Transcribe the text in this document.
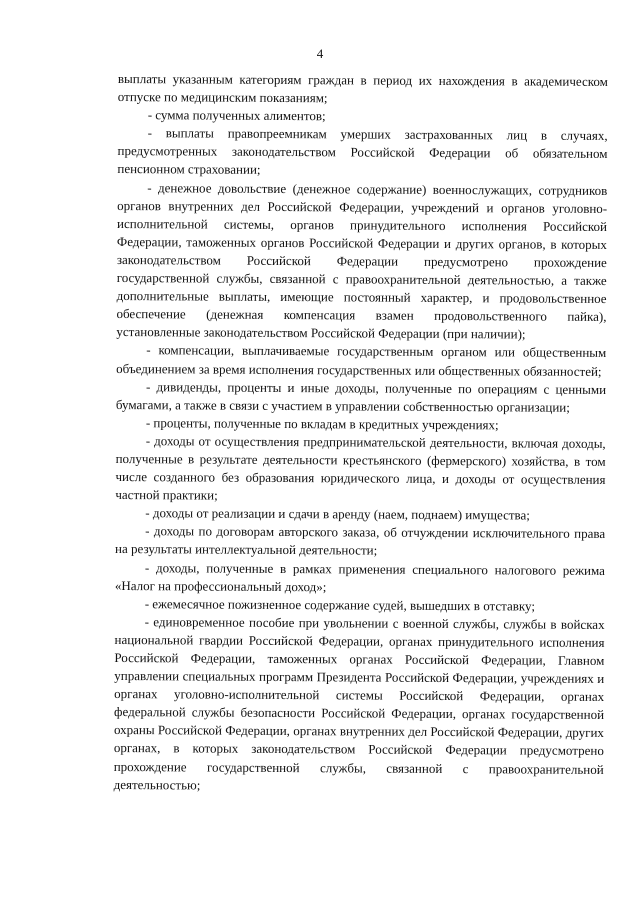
4

выплаты указанным категориям граждан в период их нахождения в академическом отпуске по медицинским показаниям;

- сумма полученных алиментов;

- выплаты правопреемникам умерших застрахованных лиц в случаях, предусмотренных законодательством Российской Федерации об обязательном пенсионном страховании;

- денежное довольствие (денежное содержание) военнослужащих, сотрудников органов внутренних дел Российской Федерации, учреждений и органов уголовно-исполнительной системы, органов принудительного исполнения Российской Федерации, таможенных органов Российской Федерации и других органов, в которых законодательством Российской Федерации предусмотрено прохождение государственной службы, связанной с правоохранительной деятельностью, а также дополнительные выплаты, имеющие постоянный характер, и продовольственное обеспечение (денежная компенсация взамен продовольственного пайка), установленные законодательством Российской Федерации (при наличии);

- компенсации, выплачиваемые государственным органом или общественным объединением за время исполнения государственных или общественных обязанностей;

- дивиденды, проценты и иные доходы, полученные по операциям с ценными бумагами, а также в связи с участием в управлении собственностью организации;

- проценты, полученные по вкладам в кредитных учреждениях;

- доходы от осуществления предпринимательской деятельности, включая доходы, полученные в результате деятельности крестьянского (фермерского) хозяйства, в том числе созданного без образования юридического лица, и доходы от осуществления частной практики;

- доходы от реализации и сдачи в аренду (наем, поднаем) имущества;

- доходы по договорам авторского заказа, об отчуждении исключительного права на результаты интеллектуальной деятельности;

- доходы, полученные в рамках применения специального налогового режима «Налог на профессиональный доход»;

- ежемесячное пожизненное содержание судей, вышедших в отставку;

- единовременное пособие при увольнении с военной службы, службы в войсках национальной гвардии Российской Федерации, органах принудительного исполнения Российской Федерации, таможенных органах Российской Федерации, Главном управлении специальных программ Президента Российской Федерации, учреждениях и органах уголовно-исполнительной системы Российской Федерации, органах федеральной службы безопасности Российской Федерации, органах государственной охраны Российской Федерации, органах внутренних дел Российской Федерации, других органах, в которых законодательством Российской Федерации предусмотрено прохождение государственной службы, связанной с правоохранительной деятельностью;
